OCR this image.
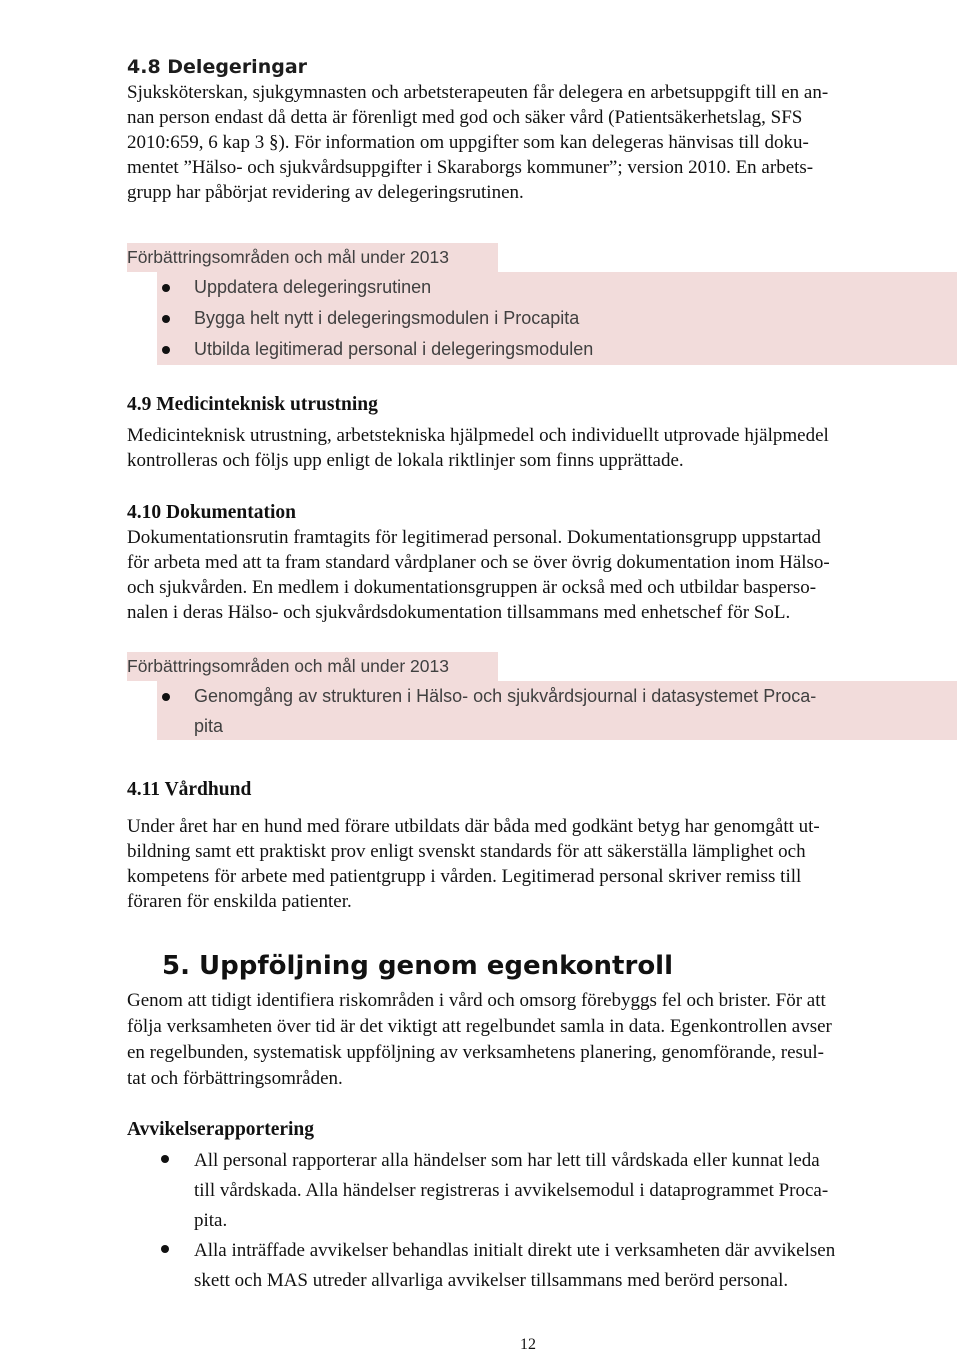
4.8 Delegeringar
Sjuksköterskan, sjukgymnasten och arbetsterapeuten får delegera en arbetsuppgift till en an-
nan person endast då detta är förenligt med god och säker vård (Patientsäkerhetslag, SFS
2010:659, 6 kap 3 §). För information om uppgifter som kan delegeras hänvisas till doku-
mentet ”Hälso- och sjukvårdsuppgifter i Skaraborgs kommuner”; version 2010. En arbets-
grupp har påbörjat revidering av delegeringsrutinen.
Förbättringsområden och mål under 2013
Uppdatera delegeringsrutinen
Bygga helt nytt i delegeringsmodulen i Procapita
Utbilda legitimerad personal i delegeringsmodulen
4.9 Medicinteknisk utrustning
Medicinteknisk utrustning, arbetstekniska hjälpmedel och individuellt utprovade hjälpmedel
kontrolleras och följs upp enligt de lokala riktlinjer som finns upprättade.
4.10 Dokumentation
Dokumentationsrutin framtagits för legitimerad personal. Dokumentationsgrupp uppstartad
för arbeta med att ta fram standard vårdplaner och se över övrig dokumentation inom Hälso-
och sjukvården. En medlem i dokumentationsgruppen är också med och utbildar basperso-
nalen i deras Hälso- och sjukvårdsdokumentation tillsammans med enhetschef för SoL.
Förbättringsområden och mål under 2013
Genomgång av strukturen i Hälso- och sjukvårdsjournal i datasystemet Proca-
pita
4.11 Vårdhund
Under året har en hund med förare utbildats där båda med godkänt betyg har genomgått ut-
bildning samt ett praktiskt prov enligt svenskt standards för att säkerställa lämplighet och
kompetens för arbete med patientgrupp i vården. Legitimerad personal skriver remiss till
föraren för enskilda patienter.
5. Uppföljning genom egenkontroll
Genom att tidigt identifiera riskområden i vård och omsorg förebyggs fel och brister. För att
följa verksamheten över tid är det viktigt att regelbundet samla in data. Egenkontrollen avser
en regelbunden, systematisk uppföljning av verksamhetens planering, genomförande, resul-
tat och förbättringsområden.
Avvikelserapportering
All personal rapporterar alla händelser som har lett till vårdskada eller kunnat leda
till vårdskada. Alla händelser registreras i avvikelsemodul i dataprogrammet Proca-
pita.
Alla inträffade avvikelser behandlas initialt direkt ute i verksamheten där avvikelsen
skett och MAS utreder allvarliga avvikelser tillsammans med berörd personal.
12
